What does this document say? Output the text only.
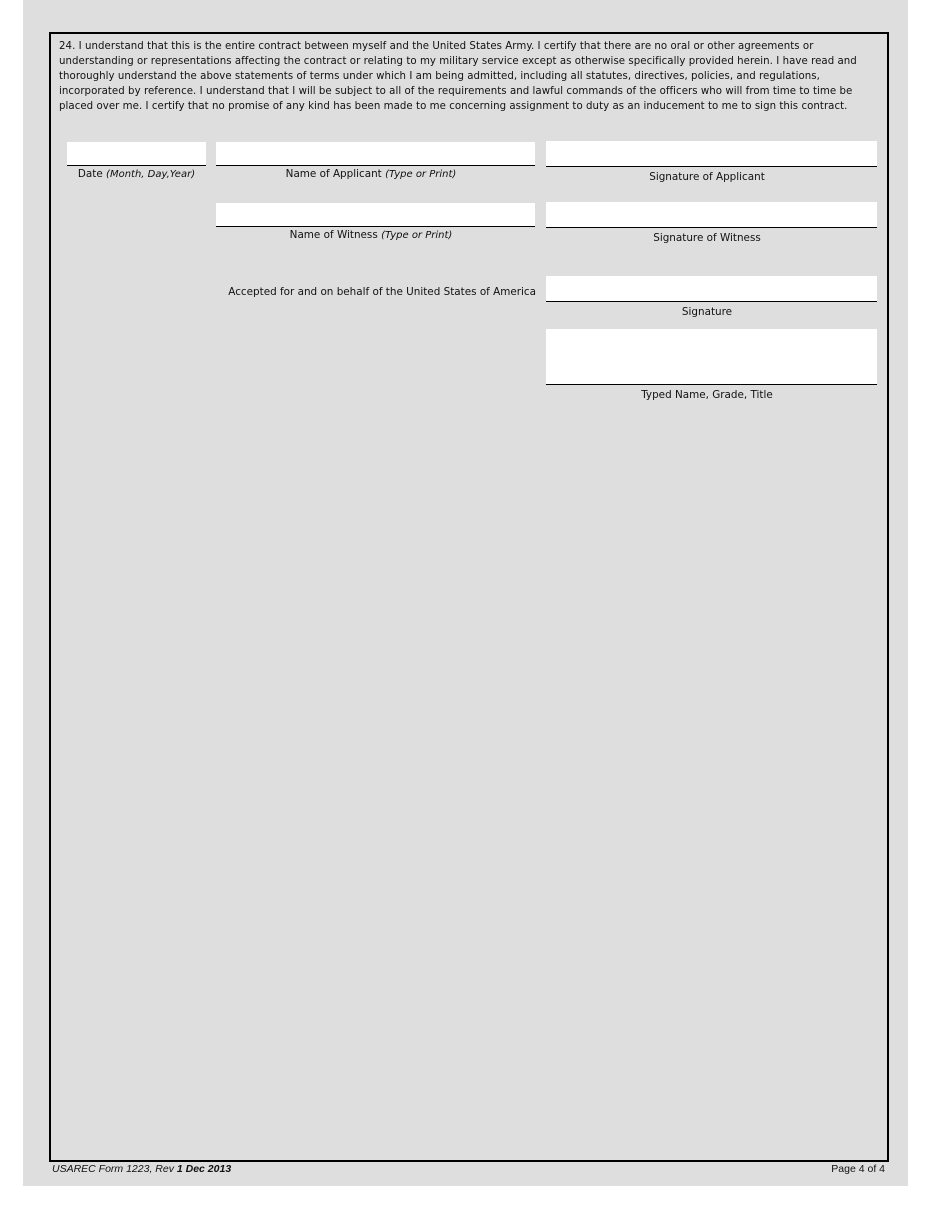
24. I understand that this is the entire contract between myself and the United States Army. I certify that there are no oral or other agreements or understanding or representations affecting the contract or relating to my military service except as otherwise specifically provided herein. I have read and thoroughly understand the above statements of terms under which I am being admitted, including all statutes, directives, policies, and regulations, incorporated by reference. I understand that I will be subject to all of the requirements and lawful commands of the officers who will from time to time be placed over me. I certify that no promise of any kind has been made to me concerning assignment to duty as an inducement to me to sign this contract.
Date (Month, Day,Year)	Name of Applicant (Type or Print)	Signature of Applicant
Name of Witness (Type or Print)	Signature of Witness
Accepted for and on behalf of the United States of America
Signature
Typed Name, Grade, Title
USAREC Form 1223, Rev 1 Dec 2013	Page 4 of 4
